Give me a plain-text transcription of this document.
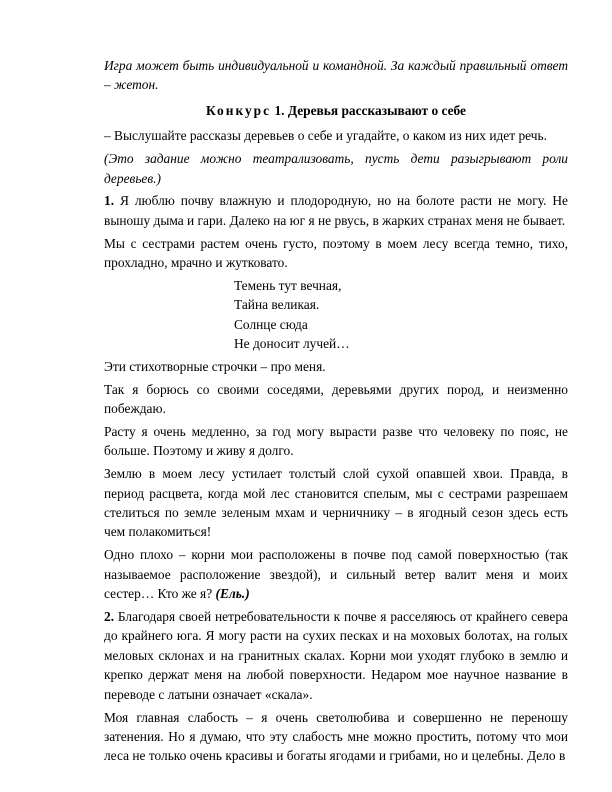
Игра может быть индивидуальной и командной. За каждый правильный ответ – жетон.

Конкурс 1. Деревья рассказывают о себе

– Выслушайте рассказы деревьев о себе и угадайте, о каком из них идет речь.

(Это задание можно театрализовать, пусть дети разыгрывают роли деревьев.)

1. Я люблю почву влажную и плодородную, но на болоте расти не могу. Не выношу дыма и гари. Далеко на юг я не рвусь, в жарких странах меня не бывает.

Мы с сестрами растем очень густо, поэтому в моем лесу всегда темно, тихо, прохладно, мрачно и жутковато.

Темень тут вечная,
Тайна великая.
Солнце сюда
Не доносит лучей…

Эти стихотворные строчки – про меня.

Так я борюсь со своими соседями, деревьями других пород, и неизменно побеждаю.

Расту я очень медленно, за год могу вырасти разве что человеку по пояс, не больше. Поэтому и живу я долго.

Землю в моем лесу устилает толстый слой сухой опавшей хвои. Правда, в период расцвета, когда мой лес становится спелым, мы с сестрами разрешаем стелиться по земле зеленым мхам и черничнику – в ягодный сезон здесь есть чем полакомиться!

Одно плохо – корни мои расположены в почве под самой поверхностью (так называемое расположение звездой), и сильный ветер валит меня и моих сестер… Кто же я? (Ель.)

2. Благодаря своей нетребовательности к почве я расселяюсь от крайнего севера до крайнего юга. Я могу расти на сухих песках и на моховых болотах, на голых меловых склонах и на гранитных скалах. Корни мои уходят глубоко в землю и крепко держат меня на любой поверхности. Недаром мое научное название в переводе с латыни означает «скала».

Моя главная слабость – я очень светолюбива и совершенно не переношу затенения. Но я думаю, что эту слабость мне можно простить, потому что мои леса не только очень красивы и богаты ягодами и грибами, но и целебны. Дело в
